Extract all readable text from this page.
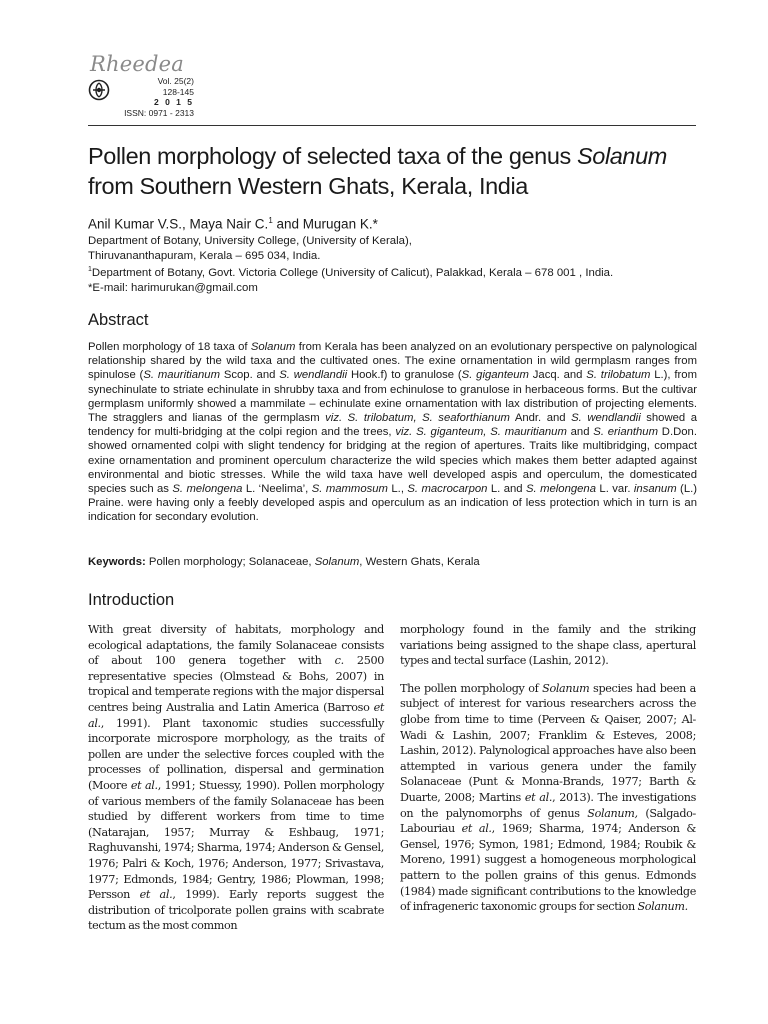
Rheedea
Vol. 25(2)
128-145
2 0 1 5
ISSN: 0971 - 2313
Pollen morphology of selected taxa of the genus Solanum
from Southern Western Ghats, Kerala, India
Anil Kumar V.S., Maya Nair C.$^1$ and Murugan K.*
Department of Botany, University College, (University of Kerala),
Thiruvananthapuram, Kerala – 695 034, India.
$^1$Department of Botany, Govt. Victoria College (University of Calicut), Palakkad, Kerala – 678 001 , India.
*E-mail: harimurukan@gmail.com
Abstract
Pollen morphology of 18 taxa of Solanum from Kerala has been analyzed on an evolutionary perspective on palynological relationship shared by the wild taxa and the cultivated ones. The exine ornamentation in wild germplasm ranges from spinulose (S. mauritianum Scop. and S. wendlandii Hook.f) to granulose (S. giganteum Jacq. and S. trilobatum L.), from synechinulate to striate echinulate in shrubby taxa and from echinulose to granulose in herbaceous forms. But the cultivar germplasm uniformly showed a mammilate – echinulate exine ornamentation with lax distribution of projecting elements. The stragglers and lianas of the germplasm viz. S. trilobatum, S. seaforthianum Andr. and S. wendlandii showed a tendency for multi-bridging at the colpi region and the trees, viz. S. giganteum, S. mauritianum and S. erianthum D.Don. showed ornamented colpi with slight tendency for bridging at the region of apertures. Traits like multibridging, compact exine ornamentation and prominent operculum characterize the wild species which makes them better adapted against environmental and biotic stresses. While the wild taxa have well developed aspis and operculum, the domesticated species such as S. melongena L. ‘Neelima’, S. mammosum L., S. macrocarpon L. and S. melongena L. var. insanum (L.) Praine. were having only a feebly developed aspis and operculum as an indication of less protection which in turn is an indication for secondary evolution.
Keywords: Pollen morphology; Solanaceae, Solanum, Western Ghats, Kerala
Introduction

With great diversity of habitats, morphology and ecological adaptations, the family Solanaceae consists of about 100 genera together with c. 2500 representative species (Olmstead & Bohs, 2007) in tropical and temperate regions with the major dispersal centres being Australia and Latin America (Barroso et al., 1991). Plant taxonomic studies successfully incorporate microspore morphology, as the traits of pollen are under the selective forces coupled with the processes of pollination, dispersal and germination (Moore et al., 1991; Stuessy, 1990). Pollen morphology of various members of the family Solanaceae has been studied by different workers from time to time (Natarajan, 1957; Murray & Eshbaug, 1971; Raghuvanshi, 1974; Sharma, 1974; Anderson & Gensel, 1976; Palri & Koch, 1976; Anderson, 1977; Srivastava, 1977; Edmonds, 1984; Gentry, 1986; Plowman, 1998; Persson et al., 1999). Early reports suggest the distribution of tricolporate pollen grains with scabrate tectum as the most common

morphology found in the family and the striking variations being assigned to the shape class, apertural types and tectal surface (Lashin, 2012).

The pollen morphology of Solanum species had been a subject of interest for various researchers across the globe from time to time (Perveen & Qaiser, 2007; Al-Wadi & Lashin, 2007; Franklim & Esteves, 2008; Lashin, 2012). Palynological approaches have also been attempted in various genera under the family Solanaceae (Punt & Monna-Brands, 1977; Barth & Duarte, 2008; Martins et al., 2013). The investigations on the palynomorphs of genus Solanum, (Salgado- Labouriau et al., 1969; Sharma, 1974; Anderson & Gensel, 1976; Symon, 1981; Edmond, 1984; Roubik & Moreno, 1991) suggest a homogeneous morphological pattern to the pollen grains of this genus. Edmonds (1984) made significant contributions to the knowledge of infrageneric taxonomic groups for section Solanum.
